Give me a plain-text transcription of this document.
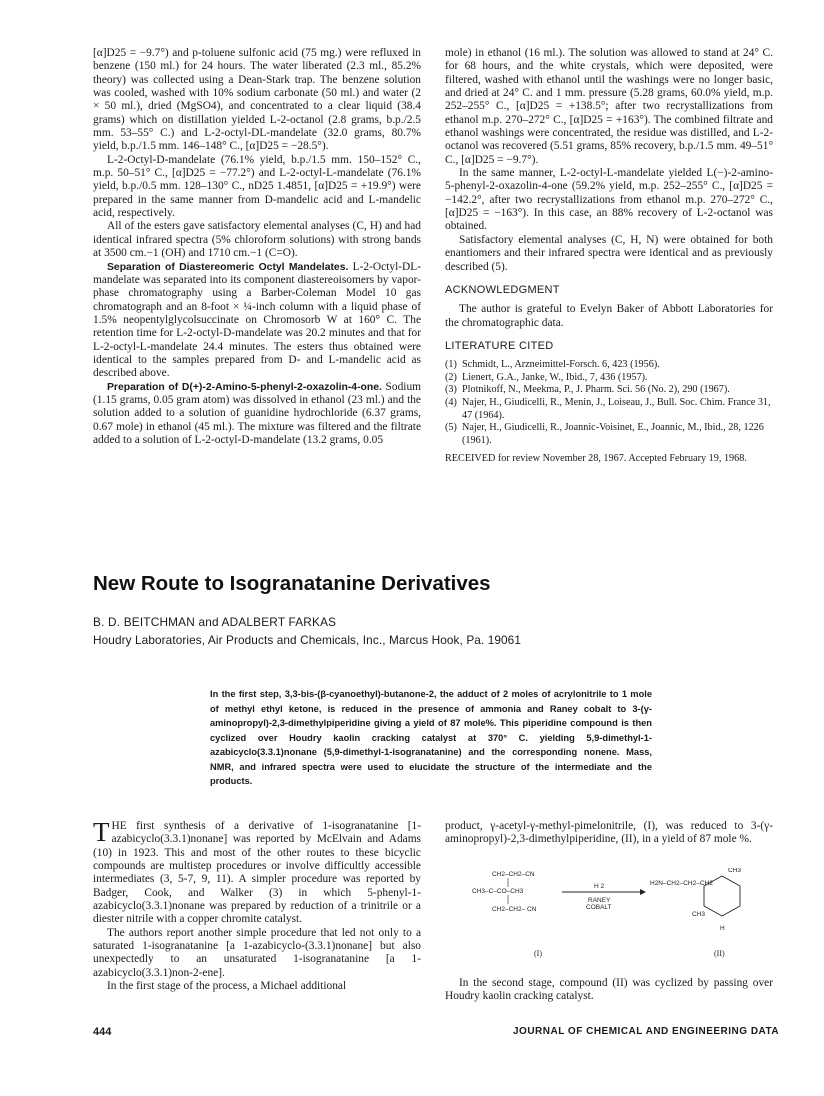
[α]D25 = −9.7°) and p-toluene sulfonic acid (75 mg.) were refluxed in benzene (150 ml.) for 24 hours. The water liberated (2.3 ml., 85.2% theory) was collected using a Dean-Stark trap. The benzene solution was cooled, washed with 10% sodium carbonate (50 ml.) and water (2 × 50 ml.), dried (MgSO4), and concentrated to a clear liquid (38.4 grams) which on distillation yielded L-2-octanol (2.8 grams, b.p./2.5 mm. 53–55° C.) and L-2-octyl-DL-mandelate (32.0 grams, 80.7% yield, b.p./1.5 mm. 146–148° C., [α]D25 = −28.5°).

L-2-Octyl-D-mandelate (76.1% yield, b.p./1.5 mm. 150–152° C., m.p. 50–51° C., [α]D25 = −77.2°) and L-2-octyl-L-mandelate (76.1% yield, b.p./0.5 mm. 128–130° C., nD25 1.4851, [α]D25 = +19.9°) were prepared in the same manner from D-mandelic acid and L-mandelic acid, respectively.

All of the esters gave satisfactory elemental analyses (C, H) and had identical infrared spectra (5% chloroform solutions) with strong bands at 3500 cm.−1 (OH) and 1710 cm.−1 (C=O).

Separation of Diastereomeric Octyl Mandelates. L-2-Octyl-DL-mandelate was separated into its component diastereoisomers by vapor-phase chromatography using a Barber-Coleman Model 10 gas chromatograph and an 8-foot × ¼-inch column with a liquid phase of 1.5% neopentylglycolsuccinate on Chromosorb W at 160° C. The retention time for L-2-octyl-D-mandelate was 20.2 minutes and that for L-2-octyl-L-mandelate 24.4 minutes. The esters thus obtained were identical to the samples prepared from D- and L-mandelic acid as described above.

Preparation of D(+)-2-Amino-5-phenyl-2-oxazolin-4-one. Sodium (1.15 grams, 0.05 gram atom) was dissolved in ethanol (23 ml.) and the solution added to a solution of guanidine hydrochloride (6.37 grams, 0.67 mole) in ethanol (45 ml.). The mixture was filtered and the filtrate added to a solution of L-2-octyl-D-mandelate (13.2 grams, 0.05

mole) in ethanol (16 ml.). The solution was allowed to stand at 24° C. for 68 hours, and the white crystals, which were deposited, were filtered, washed with ethanol until the washings were no longer basic, and dried at 24° C. and 1 mm. pressure (5.28 grams, 60.0% yield, m.p. 252–255° C., [α]D25 = +138.5°; after two recrystallizations from ethanol m.p. 270–272° C., [α]D25 = +163°). The combined filtrate and ethanol washings were concentrated, the residue was distilled, and L-2-octanol was recovered (5.51 grams, 85% recovery, b.p./1.5 mm. 49–51° C., [α]D25 = −9.7°).

In the same manner, L-2-octyl-L-mandelate yielded L(−)-2-amino-5-phenyl-2-oxazolin-4-one (59.2% yield, m.p. 252–255° C., [α]D25 = −142.2°, after two recrystallizations from ethanol m.p. 270–272° C., [α]D25 = −163°). In this case, an 88% recovery of L-2-octanol was obtained.

Satisfactory elemental analyses (C, H, N) were obtained for both enantiomers and their infrared spectra were identical and as previously described (5).

ACKNOWLEDGMENT

The author is grateful to Evelyn Baker of Abbott Laboratories for the chromatographic data.

LITERATURE CITED
(1) Schmidt, L., Arzneimittel-Forsch. 6, 423 (1956).
(2) Lienert, G.A., Janke, W., Ibid., 7, 436 (1957).
(3) Plotnikoff, N., Meekma, P., J. Pharm. Sci. 56 (No. 2), 290 (1967).
(4) Najer, H., Giudicelli, R., Menin, J., Loiseau, J., Bull. Soc. Chim. France 31, 47 (1964).
(5) Najer, H., Giudicelli, R., Joannic-Voisinet, E., Joannic, M., Ibid., 28, 1226 (1961).
RECEIVED for review November 28, 1967. Accepted February 19, 1968.
New Route to Isogranatanine Derivatives
B. D. BEITCHMAN and ADALBERT FARKAS
Houdry Laboratories, Air Products and Chemicals, Inc., Marcus Hook, Pa. 19061
In the first step, 3,3-bis-(β-cyanoethyl)-butanone-2, the adduct of 2 moles of acrylonitrile to 1 mole of methyl ethyl ketone, is reduced in the presence of ammonia and Raney cobalt to 3-(γ-aminopropyl)-2,3-dimethylpiperidine giving a yield of 87 mole%. This piperidine compound is then cyclized over Houdry kaolin cracking catalyst at 370° C. yielding 5,9-dimethyl-1-azabicyclo(3.3.1)nonane (5,9-dimethyl-1-isogranatanine) and the corresponding nonene. Mass, NMR, and infrared spectra were used to elucidate the structure of the intermediate and the products.

THE first synthesis of a derivative of 1-isogranatanine [1-azabicyclo(3.3.1)nonane] was reported by McElvain and Adams (10) in 1923. This and most of the other routes to these bicyclic compounds are multistep procedures or involve difficultly accessible intermediates (3, 5-7, 9, 11). A simpler procedure was reported by Badger, Cook, and Walker (3) in which 5-phenyl-1-azabicyclo(3.3.1)nonane was prepared by reduction of a trinitrile or a diester nitrile with a copper chromite catalyst.

The authors report another simple procedure that led not only to a saturated 1-isogranatanine [a 1-azabicyclo-(3.3.1)nonane] but also unexpectedly to an unsaturated 1-isogranatanine [a 1-azabicyclo(3.3.1)non-2-ene].

In the first stage of the process, a Michael additional

product, γ-acetyl-γ-methyl-pimelonitrile, (I), was reduced to 3-(γ-aminopropyl)-2,3-dimethylpiperidine, (II), in a yield of 87 mole %.

In the second stage, compound (II) was cyclized by passing over Houdry kaolin cracking catalyst.

CH2–CH2–CN
CH3–C–CO–CH3
CH2–CH2– CN
H 2
RANEY
COBALT
CH3
H2N–CH2–CH2–CH2
CH3
H
(I)	(II)
444	JOURNAL OF CHEMICAL AND ENGINEERING DATA
